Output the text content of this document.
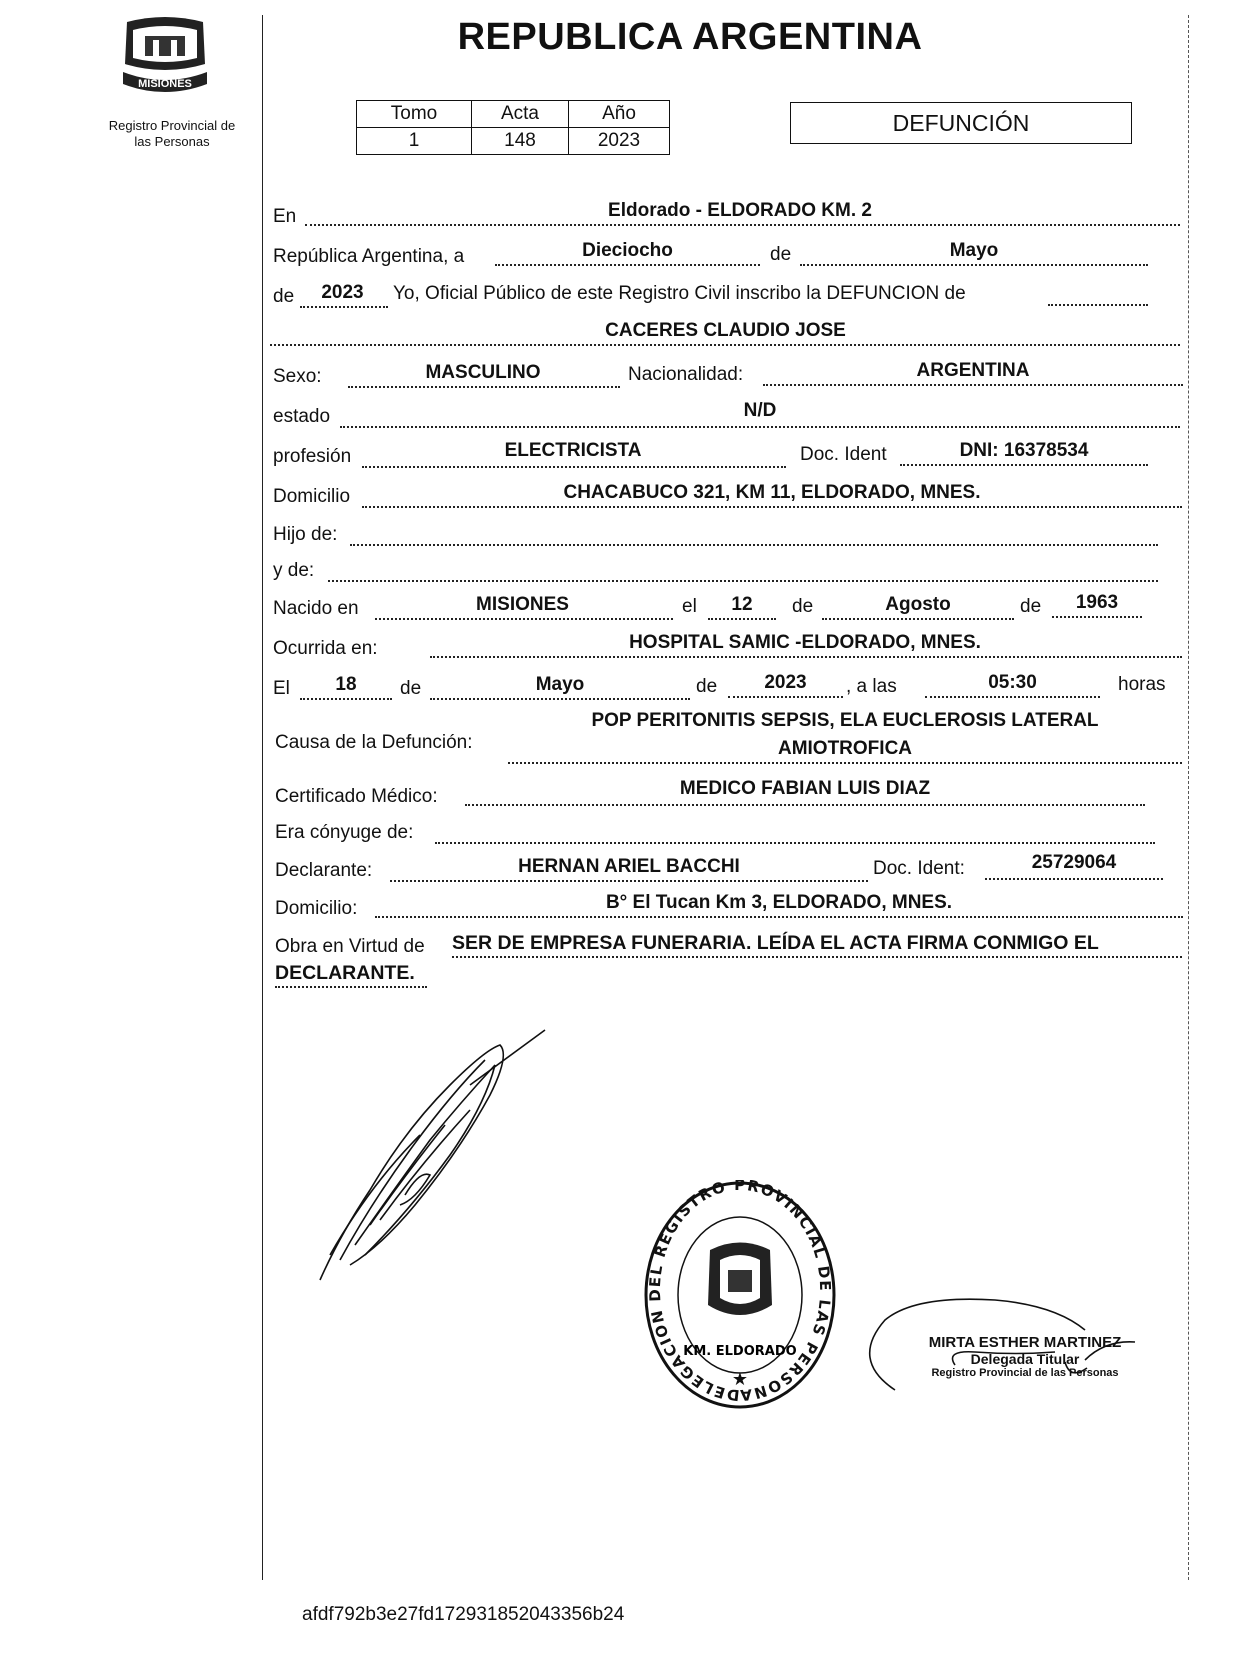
MISIONES
Registro Provincial de
las Personas
REPUBLICA ARGENTINA
Tomo	Acta	Año
1	148	2023
DEFUNCIÓN
En	Eldorado - ELDORADO KM. 2
República Argentina, a	Dieciocho	de	Mayo
de	2023	Yo, Oficial Público de este Registro Civil inscribo la DEFUNCION de
CACERES CLAUDIO JOSE
Sexo:	MASCULINO	Nacionalidad:	ARGENTINA
estado	N/D
profesión	ELECTRICISTA	Doc. Ident	DNI: 16378534
Domicilio	CHACABUCO 321, KM 11, ELDORADO, MNES.
Hijo de:
y de:
Nacido en	MISIONES	el	12	de	Agosto	de	1963
Ocurrida en:	HOSPITAL SAMIC -ELDORADO, MNES.
El	18	de	Mayo	de	2023	, a las	05:30	horas
Causa de la Defunción:
POP PERITONITIS SEPSIS, ELA EUCLEROSIS LATERAL
AMIOTROFICA
Certificado Médico:	MEDICO FABIAN LUIS DIAZ
Era cónyuge de:
Declarante:	HERNAN ARIEL BACCHI	Doc. Ident:	25729064
Domicilio:	B° El Tucan Km 3, ELDORADO, MNES.
Obra en Virtud de SER DE EMPRESA FUNERARIA. LEÍDA EL ACTA FIRMA CONMIGO EL
DECLARANTE.
DELEGACION DEL REGISTRO PROVINCIAL DE LAS PERSONA
KM. ELDORADO
★
MIRTA ESTHER MARTINEZ
Delegada Titular
Registro Provincial de las Personas
afdf792b3e27fd172931852043356b24
